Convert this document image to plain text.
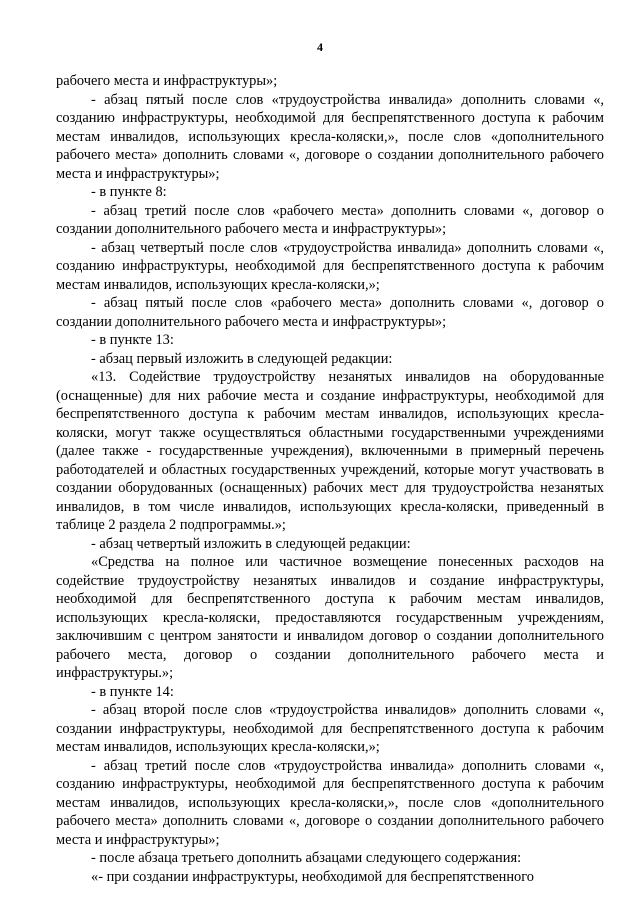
4

рабочего места и инфраструктуры»;

- абзац пятый после слов «трудоустройства инвалида» дополнить словами «, созданию инфраструктуры, необходимой для беспрепятственного доступа к рабочим местам инвалидов, использующих кресла-коляски,», после слов «дополнительного рабочего места» дополнить словами «, договоре о создании дополнительного рабочего места и инфраструктуры»;

- в пункте 8:

- абзац третий после слов «рабочего места» дополнить словами «, договор о создании дополнительного рабочего места и инфраструктуры»;

- абзац четвертый после слов «трудоустройства инвалида» дополнить словами «, созданию инфраструктуры, необходимой для беспрепятственного доступа к рабочим местам инвалидов, использующих кресла-коляски,»;

- абзац пятый после слов «рабочего места» дополнить словами «, договор о создании дополнительного рабочего места и инфраструктуры»;

- в пункте 13:

- абзац первый изложить в следующей редакции:

«13. Содействие трудоустройству незанятых инвалидов на оборудованные (оснащенные) для них рабочие места и создание инфраструктуры, необходимой для беспрепятственного доступа к рабочим местам инвалидов, использующих кресла-коляски, могут также осуществляться областными государственными учреждениями (далее также - государственные учреждения), включенными в примерный перечень работодателей и областных государственных учреждений, которые могут участвовать в создании оборудованных (оснащенных) рабочих мест для трудоустройства незанятых инвалидов, в том числе инвалидов, использующих кресла-коляски, приведенный в таблице 2 раздела 2 подпрограммы.»;

- абзац четвертый изложить в следующей редакции:

«Средства на полное или частичное возмещение понесенных расходов на содействие трудоустройству незанятых инвалидов и создание инфраструктуры, необходимой для беспрепятственного доступа к рабочим местам инвалидов, использующих кресла-коляски, предоставляются государственным учреждениям, заключившим с центром занятости и инвалидом договор о создании дополнительного рабочего места, договор о создании дополнительного рабочего места и инфраструктуры.»;

- в пункте 14:

- абзац второй после слов «трудоустройства инвалидов» дополнить словами «, создании инфраструктуры, необходимой для беспрепятственного доступа к рабочим местам инвалидов, использующих кресла-коляски,»;

- абзац третий после слов «трудоустройства инвалида» дополнить словами «, созданию инфраструктуры, необходимой для беспрепятственного доступа к рабочим местам инвалидов, использующих кресла-коляски,», после слов «дополнительного рабочего места» дополнить словами «, договоре о создании дополнительного рабочего места и инфраструктуры»;

- после абзаца третьего дополнить абзацами следующего содержания:

«- при создании инфраструктуры, необходимой для беспрепятственного
